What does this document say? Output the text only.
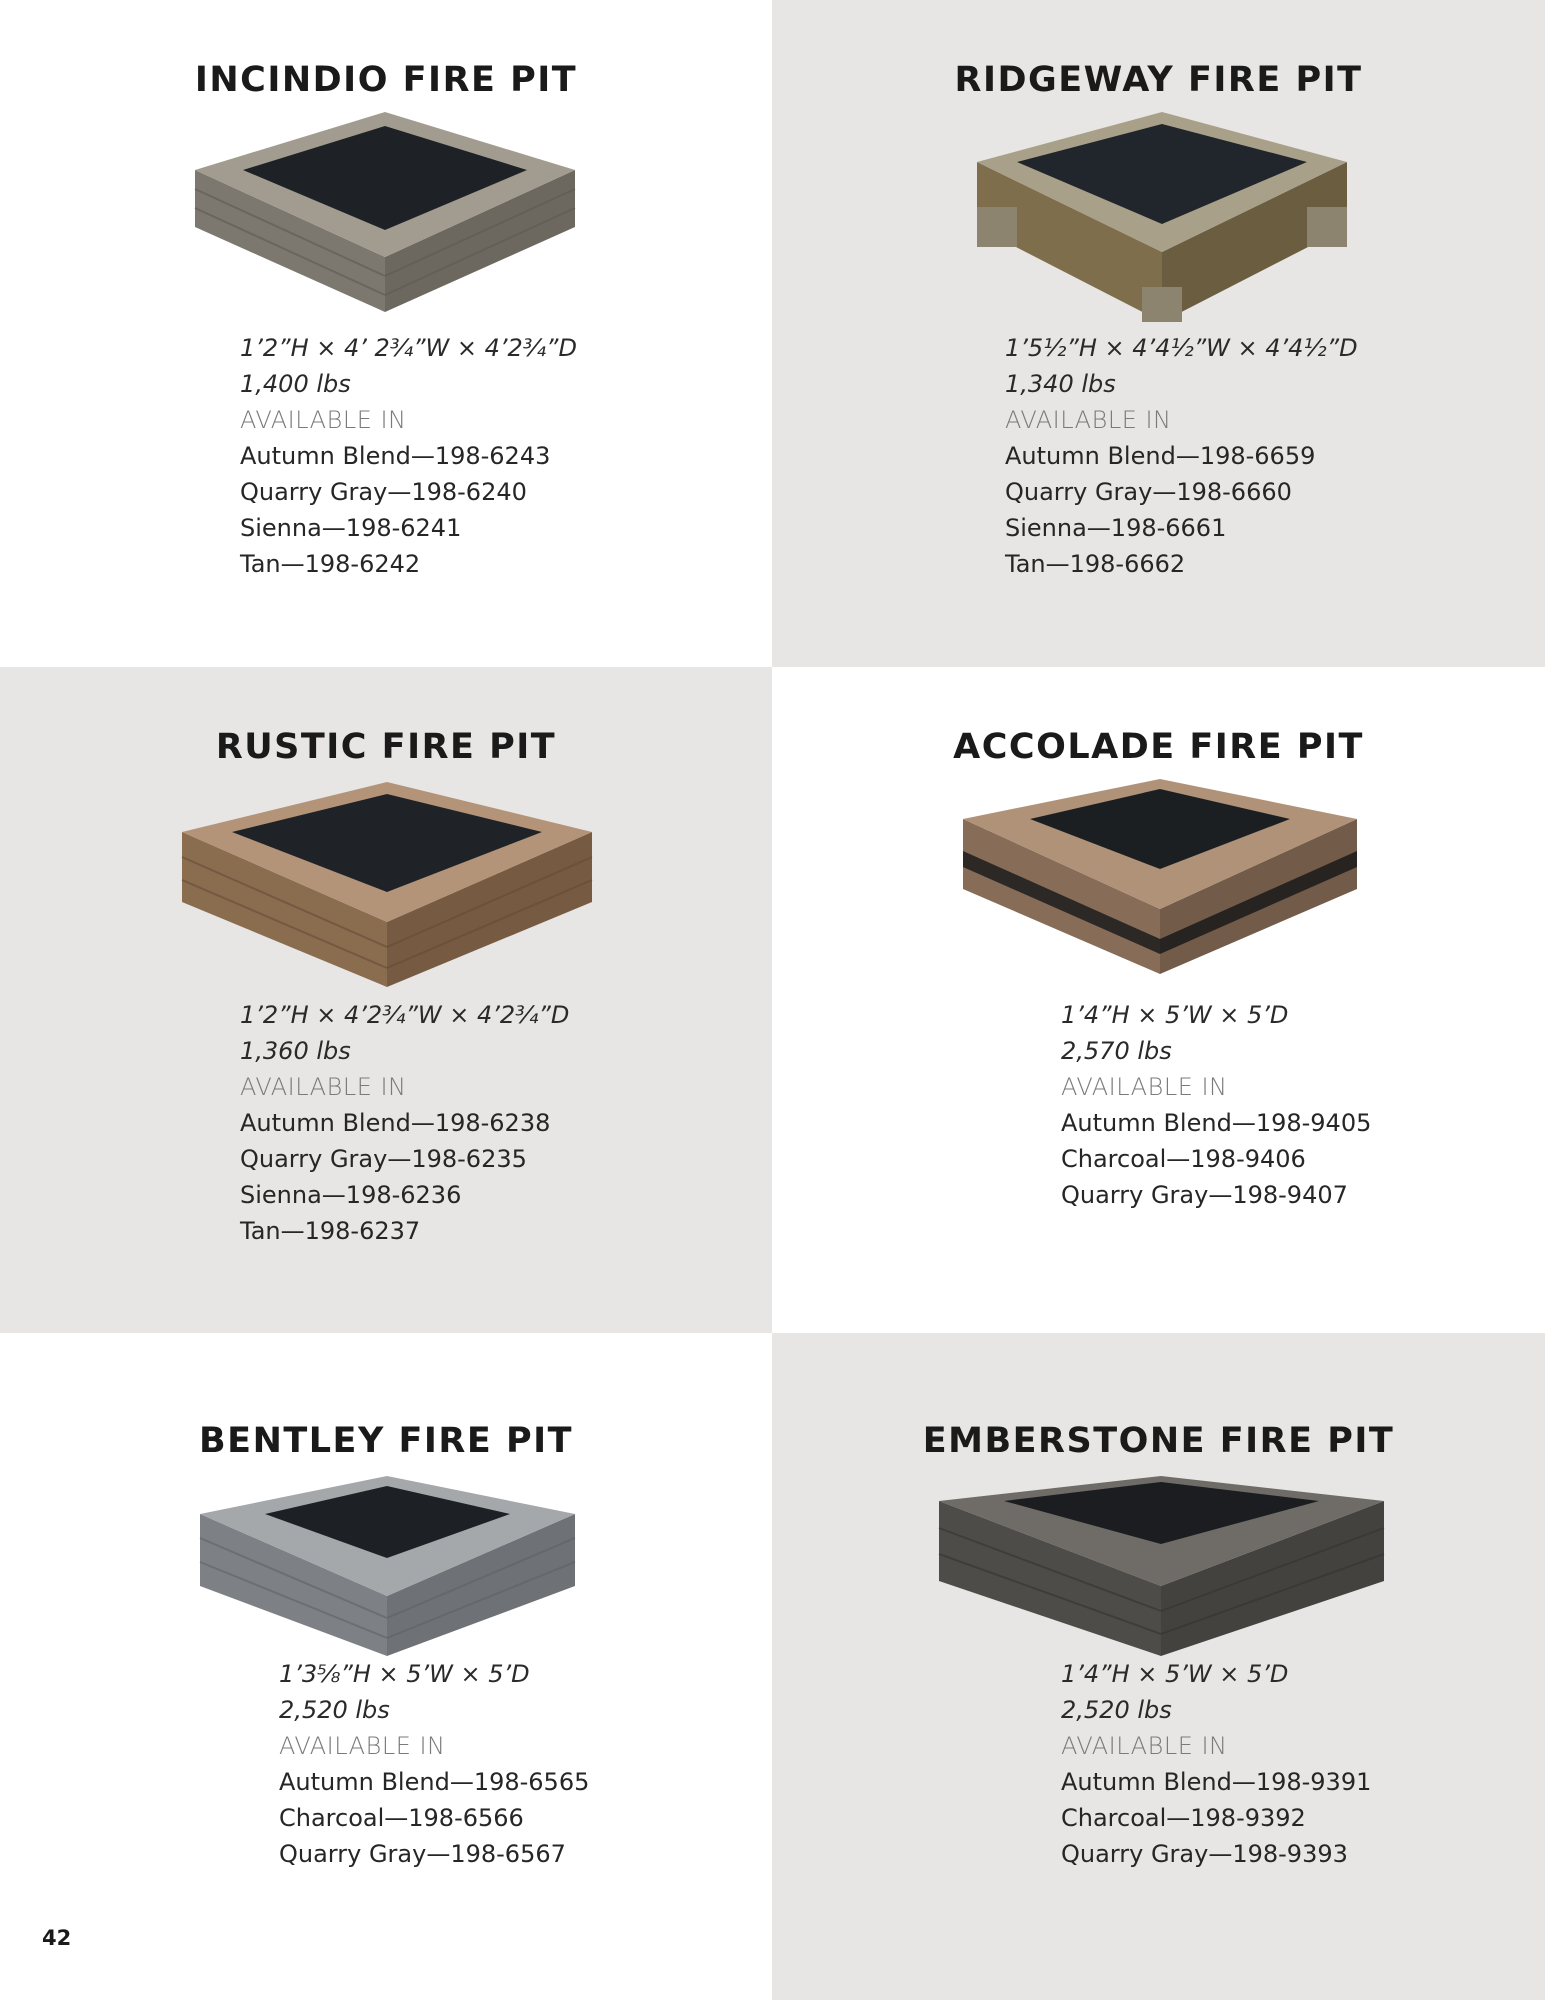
INCINDIO FIRE PIT
1’2”H × 4’ 2¾”W × 4’2¾”D
1,400 lbs
AVAILABLE IN
Autumn Blend—198-6243
Quarry Gray—198-6240
Sienna—198-6241
Tan—198-6242
RIDGEWAY FIRE PIT
1’5½”H × 4’4½”W × 4’4½”D
1,340 lbs
AVAILABLE IN
Autumn Blend—198-6659
Quarry Gray—198-6660
Sienna—198-6661
Tan—198-6662
RUSTIC FIRE PIT
1’2”H × 4’2¾”W × 4’2¾”D
1,360 lbs
AVAILABLE IN
Autumn Blend—198-6238
Quarry Gray—198-6235
Sienna—198-6236
Tan—198-6237
ACCOLADE FIRE PIT
1’4”H × 5’W × 5’D
2,570 lbs
AVAILABLE IN
Autumn Blend—198-9405
Charcoal—198-9406
Quarry Gray—198-9407
BENTLEY FIRE PIT
1’3⅝”H × 5’W × 5’D
2,520 lbs
AVAILABLE IN
Autumn Blend—198-6565
Charcoal—198-6566
Quarry Gray—198-6567
EMBERSTONE FIRE PIT
1’4”H × 5’W × 5’D
2,520 lbs
AVAILABLE IN
Autumn Blend—198-9391
Charcoal—198-9392
Quarry Gray—198-9393
42
